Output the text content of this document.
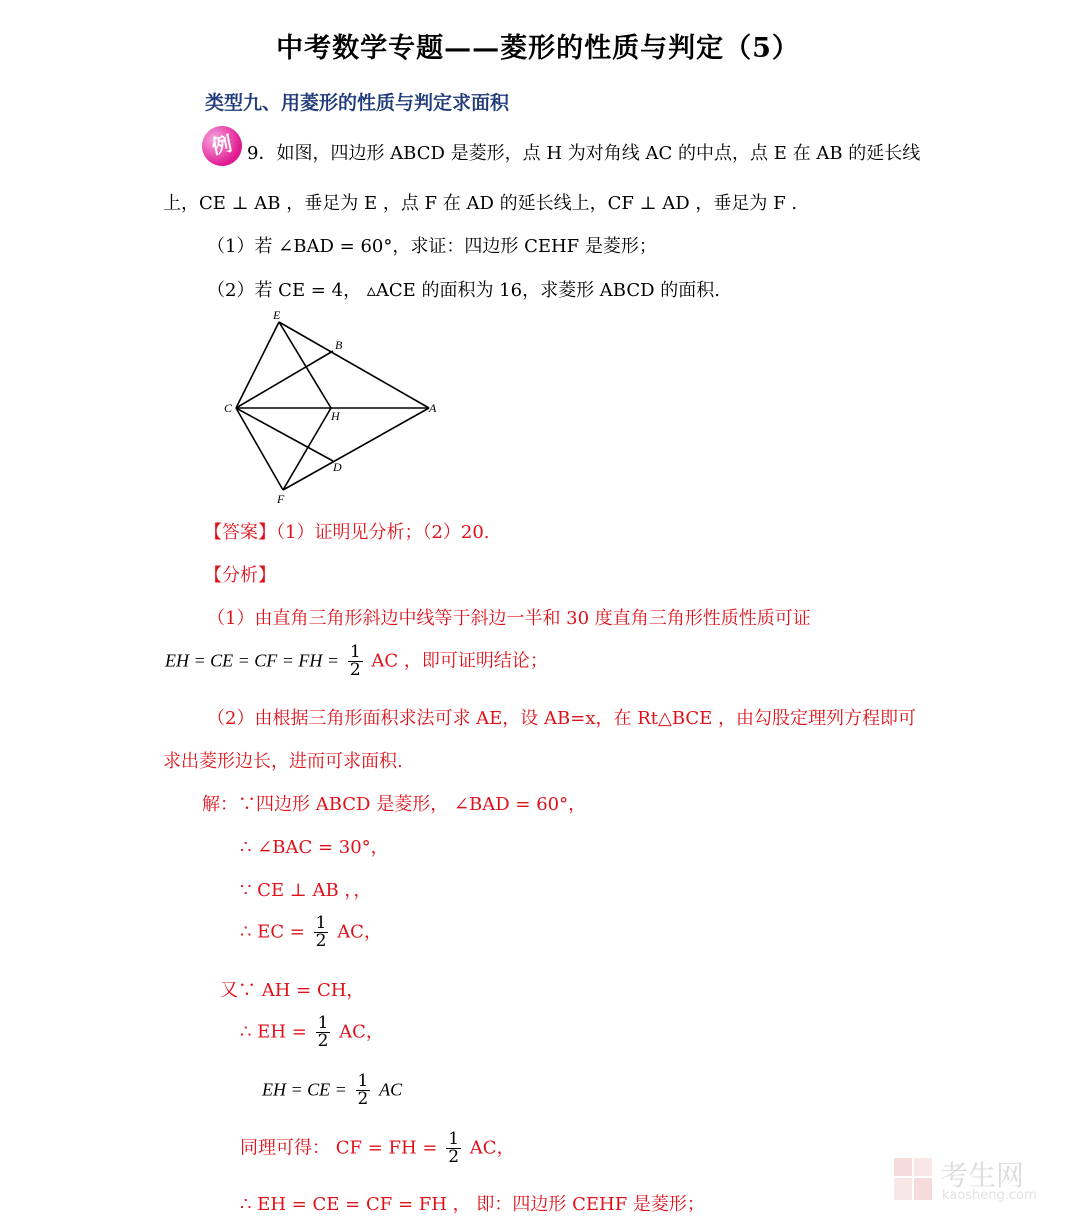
中考数学专题——菱形的性质与判定（5）
类型九、用菱形的性质与判定求面积
例 9．如图，四边形 ABCD 是菱形，点 H 为对角线 AC 的中点，点 E 在 AB 的延长线
上，CE ⊥ AB ，垂足为 E ，点 F 在 AD 的延长线上，CF ⊥ AD ，垂足为 F .
（1）若 ∠BAD = 60°，求证：四边形 CEHF 是菱形；
（2）若 CE = 4， ▵ACE 的面积为 16，求菱形 ABCD 的面积.
E
B
C
H
A
D
F
【答案】（1）证明见分析；（2）20.
【分析】
（1）由直角三角形斜边中线等于斜边一半和 30 度直角三角形性质性质可证
EH = CE = CF = FH = $\frac{1}{2}$ AC ，即可证明结论；
（2）由根据三角形面积求法可求 AE，设 AB=x，在 Rt△BCE ，由勾股定理列方程即可
求出菱形边长，进而可求面积.
解：∵四边形 ABCD 是菱形， ∠BAD = 60°，
∴ ∠BAC = 30°，
∵ CE ⊥ AB ，，
∴ EC = $\frac{1}{2}$ AC，
又∵ AH = CH，
∴ EH = $\frac{1}{2}$ AC，
EH = CE = $\frac{1}{2}$ AC
同理可得： CF = FH = $\frac{1}{2}$ AC，
∴ EH = CE = CF = FH ， 即：四边形 CEHF 是菱形；
考生网
kaosheng.com
